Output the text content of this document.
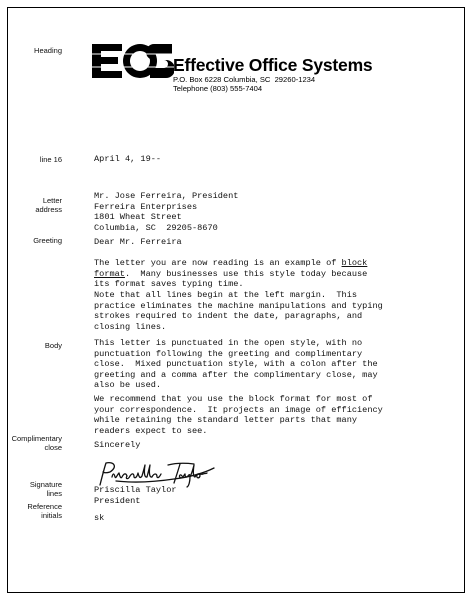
Effective Office Systems
P.O. Box 6228 Columbia, SC  29260-1234
Telephone (803) 555-7404
Heading
line 16
Letter
address
Greeting
Body
Complimentary
close
Signature
lines
Reference
initials
April 4, 19--
Mr. Jose Ferreira, President
Ferreira Enterprises
1801 Wheat Street
Columbia, SC  29205-8670
Dear Mr. Ferreira
The letter you are now reading is an example of block
format.  Many businesses use this style today because
its format saves typing time.
Note that all lines begin at the left margin.  This
practice eliminates the machine manipulations and typing
strokes required to indent the date, paragraphs, and
closing lines.
This letter is punctuated in the open style, with no
punctuation following the greeting and complimentary
close.  Mixed punctuation style, with a colon after the
greeting and a comma after the complimentary close, may
also be used.
We recommend that you use the block format for most of
your correspondence.  It projects an image of efficiency
while retaining the standard letter parts that many
readers expect to see.
Sincerely
Priscilla Taylor
President
sk
